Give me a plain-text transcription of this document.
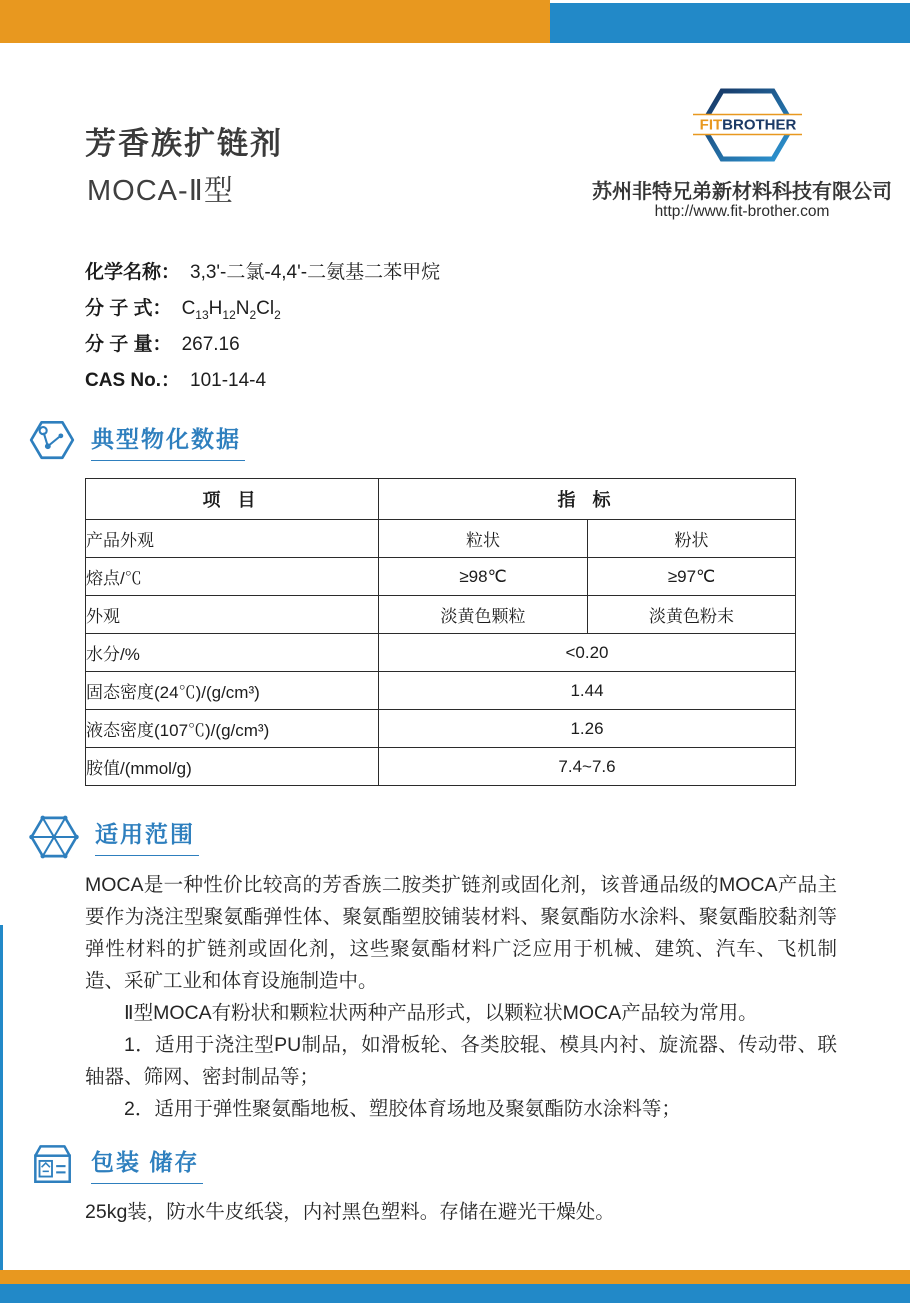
芳香族扩链剂
MOCA-Ⅱ型
FITBROTHER
苏州非特兄弟新材料科技有限公司
http://www.fit-brother.com
化学名称： 3,3'-二氯-4,4'-二氨基二苯甲烷
分 子 式： $C_{13}H_{12}N_2Cl_2$
分 子 量： 267.16
CAS No.： 101-14-4
典型物化数据
项 目	指 标	
产品外观	粒状	粉状
熔点/℃	≥98℃	≥97℃
外观	淡黄色颗粒	淡黄色粉末
水分/%	<0.20	
固态密度(24℃)/(g/cm³)	1.44	
液态密度(107℃)/(g/cm³)	1.26	
胺值/(mmol/g)	7.4~7.6	
适用范围

MOCA是一种性价比较高的芳香族二胺类扩链剂或固化剂，该普通品级的MOCA产品主要作为浇注型聚氨酯弹性体、聚氨酯塑胶铺装材料、聚氨酯防水涂料、聚氨酯胶黏剂等弹性材料的扩链剂或固化剂，这些聚氨酯材料广泛应用于机械、建筑、汽车、飞机制造、采矿工业和体育设施制造中。

Ⅱ型MOCA有粉状和颗粒状两种产品形式，以颗粒状MOCA产品较为常用。

1．适用于浇注型PU制品，如滑板轮、各类胶辊、模具内衬、旋流器、传动带、联轴器、筛网、密封制品等；

2．适用于弹性聚氨酯地板、塑胶体育场地及聚氨酯防水涂料等；

包装 储存
25kg装，防水牛皮纸袋，内衬黑色塑料。存储在避光干燥处。
